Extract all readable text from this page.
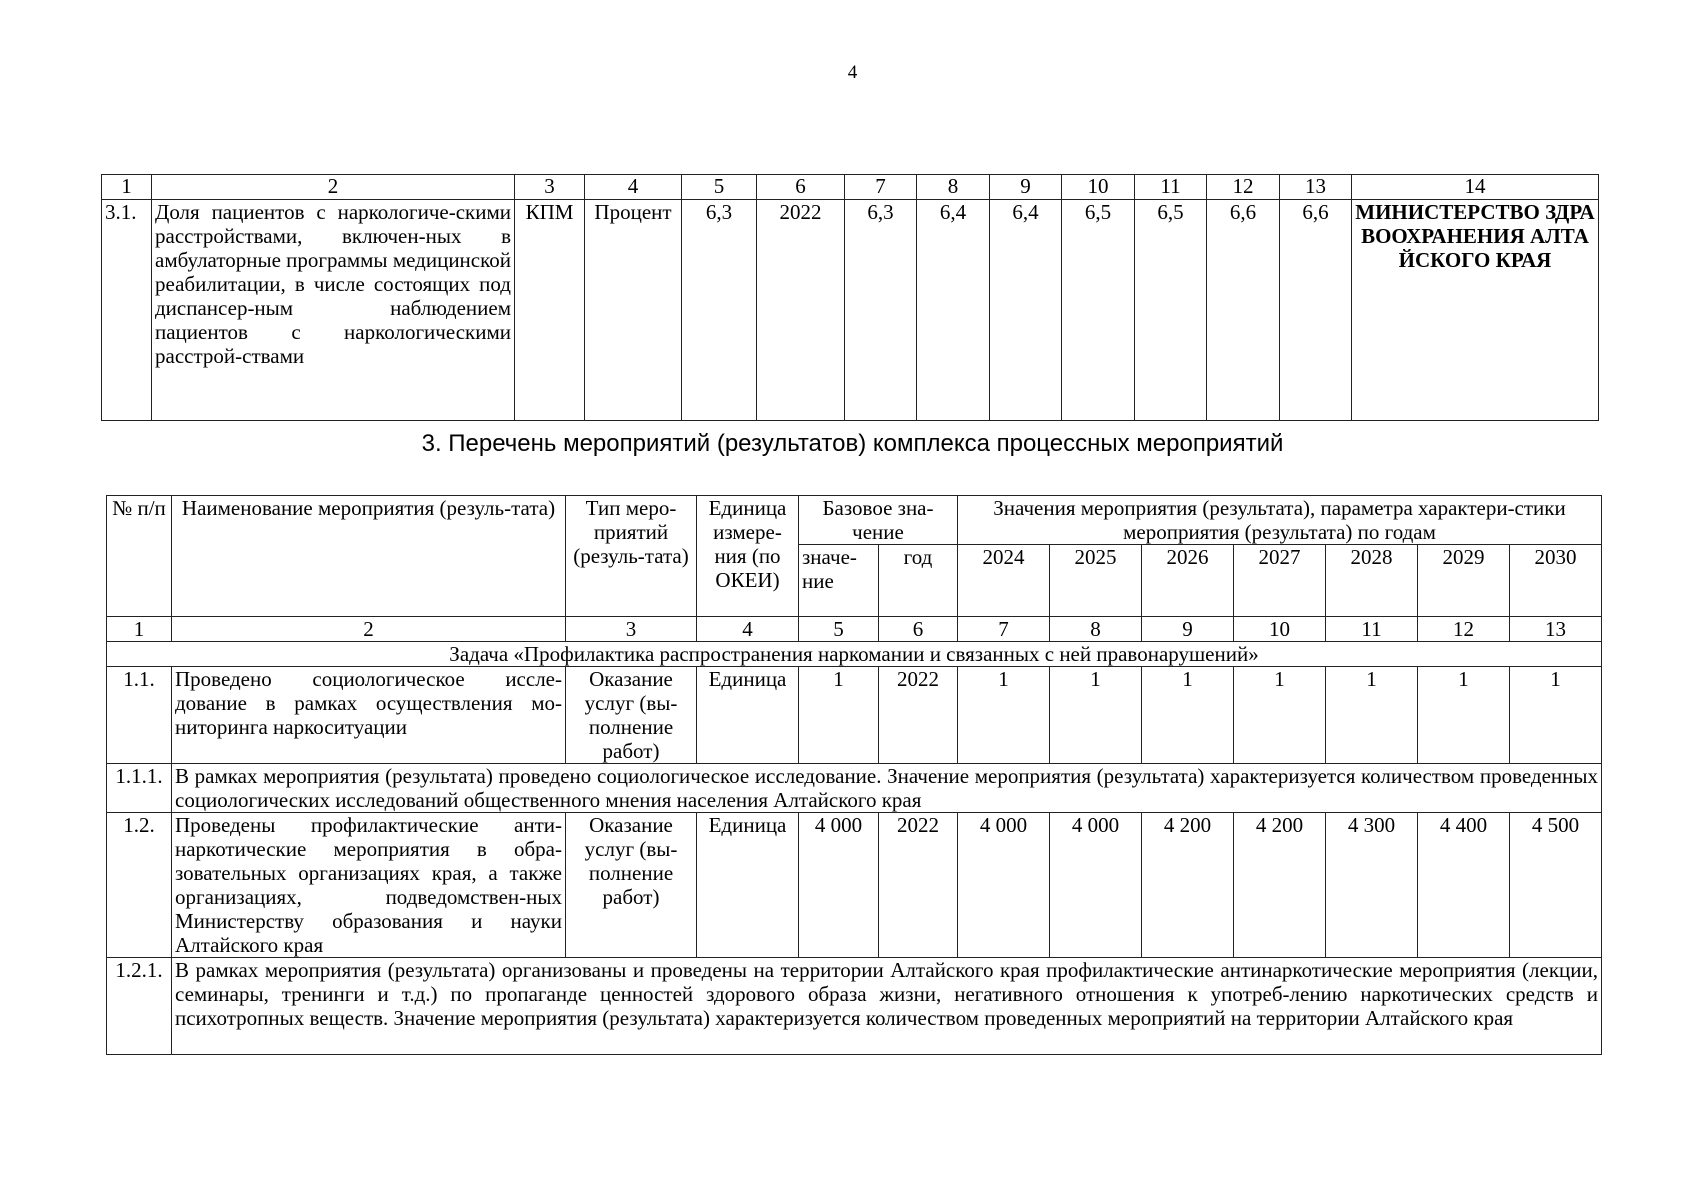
4
1	2	3	4	5	6	7	8	9	10	11	12	13	14
3.1.	Доля пациентов с наркологиче-скими расстройствами, включен-ных в амбулаторные программы медицинской реабилитации, в числе состоящих под диспансер-ным наблюдением пациентов с наркологическими расстрой-ствами	КПМ	Процент	6,3	2022	6,3	6,4	6,4	6,5	6,5	6,6	6,6	МИНИСТЕРСТВО ЗДРАВООХРАНЕНИЯ АЛТАЙСКОГО КРАЯ
3. Перечень мероприятий (результатов) комплекса процессных мероприятий
№ п/п	Наименование мероприятия (резуль-тата)	Тип меро-приятий (резуль-тата)	Единица измере-ния (по ОКЕИ)	Базовое зна-чение		Значения мероприятия (результата), параметра характери-стики мероприятия (результата) по годам						
				значе-ние	год	2024	2025	2026	2027	2028	2029	2030
1	2	3	4	5	6	7	8	9	10	11	12	13
Задача «Профилактика распространения наркомании и связанных с ней правонарушений»												
1.1.	Проведено социологическое иссле-дование в рамках осуществления мо-ниторинга наркоситуации	Оказание услуг (вы-полнение работ)	Единица	1	2022	1	1	1	1	1	1	1
1.1.1.	В рамках мероприятия (результата) проведено социологическое исследование. Значение мероприятия (результата) характеризуется количеством проведенных социологических исследований общественного мнения населения Алтайского края											
1.2.	Проведены профилактические анти-наркотические мероприятия в обра-зовательных организациях края, а также организациях, подведомствен-ных Министерству образования и науки Алтайского края	Оказание услуг (вы-полнение работ)	Единица	4 000	2022	4 000	4 000	4 200	4 200	4 300	4 400	4 500
1.2.1.	В рамках мероприятия (результата) организованы и проведены на территории Алтайского края профилактические антинаркотические мероприятия (лекции, семинары, тренинги и т.д.) по пропаганде ценностей здорового образа жизни, негативного отношения к употреб-лению наркотических средств и психотропных веществ. Значение мероприятия (результата) характеризуется количеством проведенных мероприятий на территории Алтайского края											
